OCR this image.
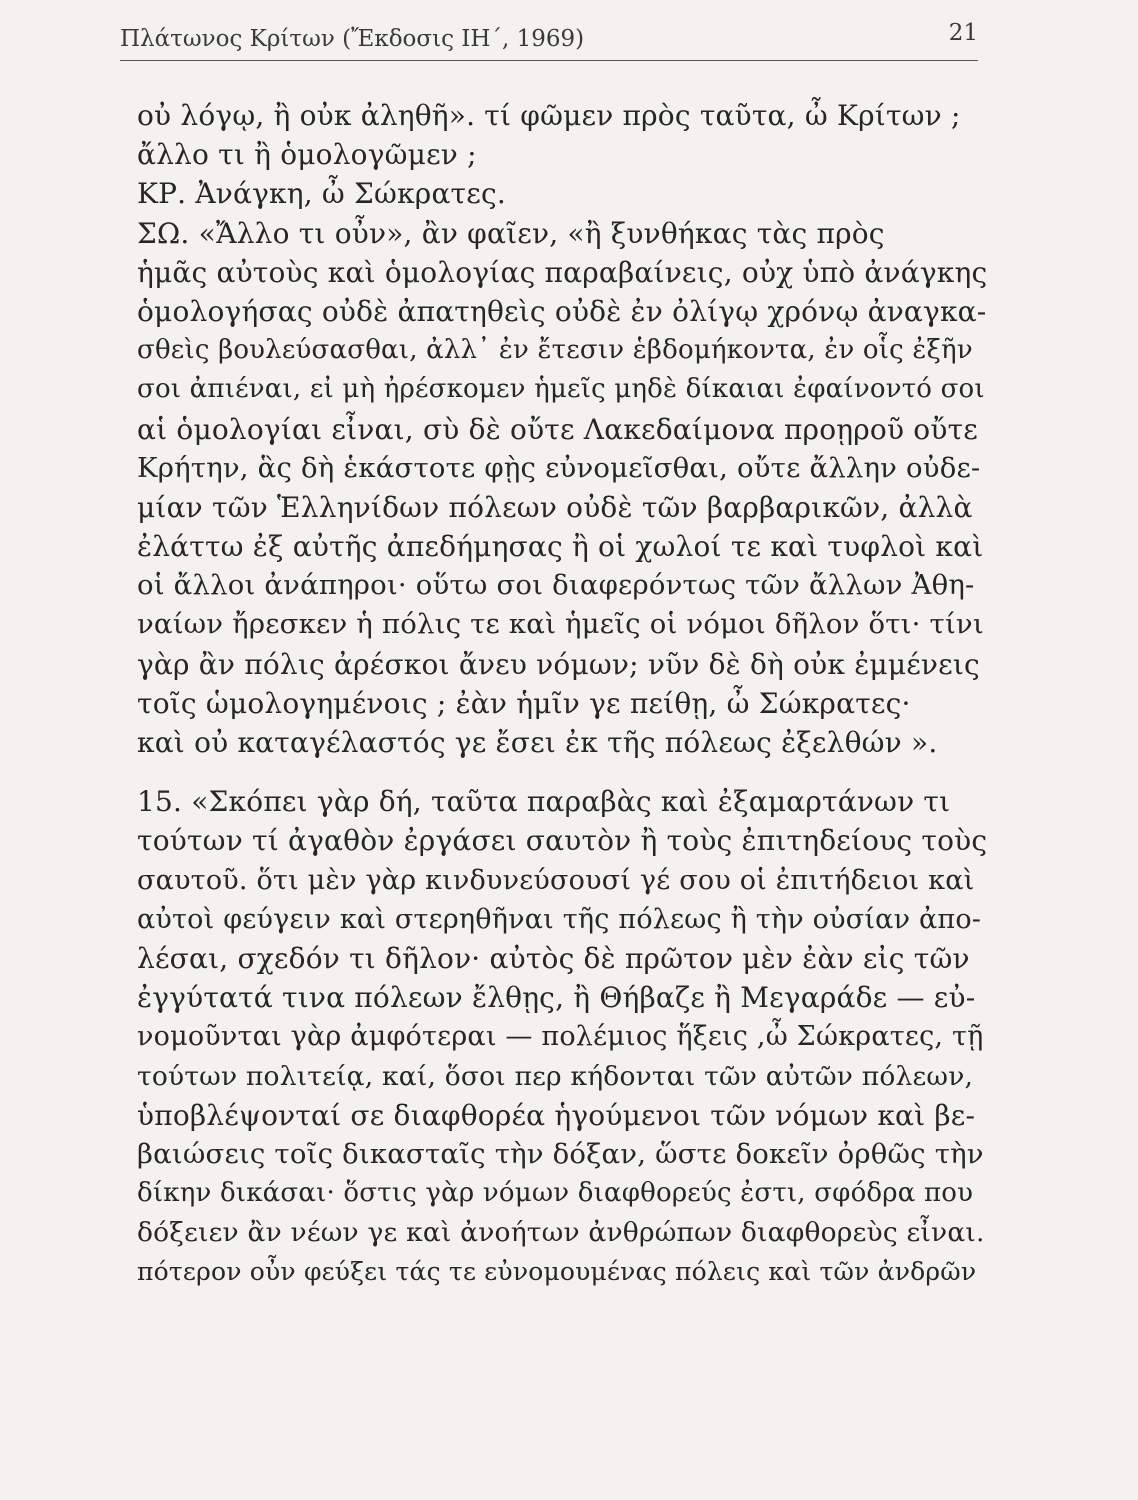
Πλάτωνος Κρίτων (Ἔκδοσις ΙΗ΄, 1969)	21
οὐ λόγῳ, ἢ οὐκ ἀληθῆ». τί φῶμεν πρὸς ταῦτα, ὦ Κρίτων ;
ἄλλο τι ἢ ὁμολογῶμεν ;
ΚΡ. Ἀνάγκη, ὦ Σώκρατες.
ΣΩ. «Ἄλλο τι οὖν», ἂν φαῖεν, «ἢ ξυνθήκας τὰς πρὸς
ἡμᾶς αὐτοὺς καὶ ὁμολογίας παραβαίνεις, οὐχ ὑπὸ ἀνάγκης
ὁμολογήσας οὐδὲ ἀπατηθεὶς οὐδὲ ἐν ὀλίγῳ χρόνῳ ἀναγκα-
σθεὶς βουλεύσασθαι, ἀλλ᾽ ἐν ἔτεσιν ἑβδομήκοντα, ἐν οἷς ἐξῆν
σοι ἀπιέναι, εἰ μὴ ἠρέσκομεν ἡμεῖς μηδὲ δίκαιαι ἐφαίνοντό σοι
αἱ ὁμολογίαι εἶναι, σὺ δὲ οὔτε Λακεδαίμονα προῃροῦ οὔτε
Κρήτην, ἃς δὴ ἑκάστοτε φῂς εὐνομεῖσθαι, οὔτε ἄλλην οὐδε-
μίαν τῶν Ἑλληνίδων πόλεων οὐδὲ τῶν βαρβαρικῶν, ἀλλὰ
ἐλάττω ἐξ αὐτῆς ἀπεδήμησας ἢ οἱ χωλοί τε καὶ τυφλοὶ καὶ
οἱ ἄλλοι ἀνάπηροι· οὕτω σοι διαφερόντως τῶν ἄλλων Ἀθη-
ναίων ἤρεσκεν ἡ πόλις τε καὶ ἡμεῖς οἱ νόμοι δῆλον ὅτι· τίνι
γὰρ ἂν πόλις ἀρέσκοι ἄνευ νόμων; νῦν δὲ δὴ οὐκ ἐμμένεις
τοῖς ὡμολογημένοις ; ἐὰν ἡμῖν γε πείθῃ, ὦ Σώκρατες·
καὶ οὐ καταγέλαστός γε ἔσει ἐκ τῆς πόλεως ἐξελθών ».
15. «Σκόπει γὰρ δή, ταῦτα παραβὰς καὶ ἐξαμαρτάνων τι
τούτων τί ἀγαθὸν ἐργάσει σαυτὸν ἢ τοὺς ἐπιτηδείους τοὺς
σαυτοῦ. ὅτι μὲν γὰρ κινδυνεύσουσί γέ σου οἱ ἐπιτήδειοι καὶ
αὐτοὶ φεύγειν καὶ στερηθῆναι τῆς πόλεως ἢ τὴν οὐσίαν ἀπο-
λέσαι, σχεδόν τι δῆλον· αὐτὸς δὲ πρῶτον μὲν ἐὰν εἰς τῶν
ἐγγύτατά τινα πόλεων ἔλθῃς, ἢ Θήβαζε ἢ Μεγαράδε — εὐ-
νομοῦνται γὰρ ἀμφότεραι — πολέμιος ἥξεις ,ὦ Σώκρατες, τῇ
τούτων πολιτείᾳ, καί, ὅσοι περ κήδονται τῶν αὐτῶν πόλεων,
ὑποβλέψονταί σε διαφθορέα ἡγούμενοι τῶν νόμων καὶ βε-
βαιώσεις τοῖς δικασταῖς τὴν δόξαν, ὥστε δοκεῖν ὀρθῶς τὴν
δίκην δικάσαι· ὅστις γὰρ νόμων διαφθορεύς ἐστι, σφόδρα που
δόξειεν ἂν νέων γε καὶ ἀνοήτων ἀνθρώπων διαφθορεὺς εἶναι.
πότερον οὖν φεύξει τάς τε εὐνομουμένας πόλεις καὶ τῶν ἀνδρῶν
